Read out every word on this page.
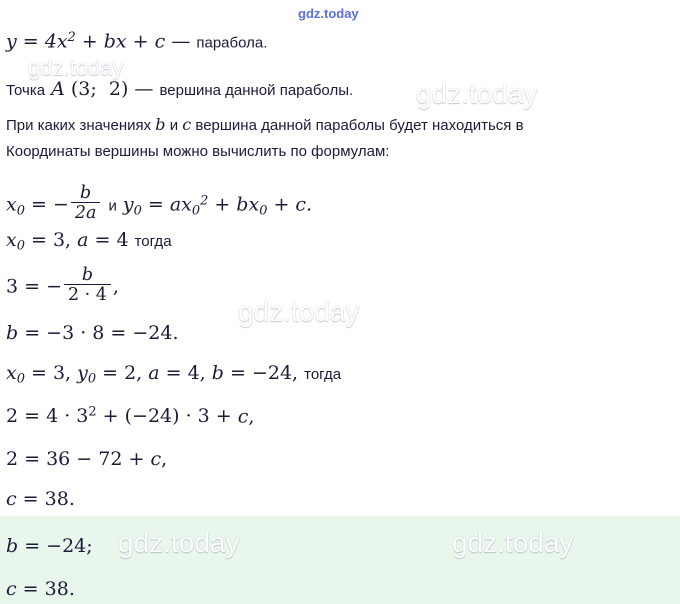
$y = 4x^2$ + bx + c — парабола.
Точка A (3;  2) — вершина данной параболы.
При каких значениях b и c вершина данной параболы будет находиться в
Координаты вершины можно вычислить по формулам:
$x_0$ = − $\frac{b}{2a}$ и $y_0 = ax_0^2 + bx_0 + c$.
$x_0 = 3$, a = 4 тогда
3 = − $\frac{b}{2 \cdot 4}$ ,
b = −3 · 8 = −24.
$x_0 = 3$, $y_0 = 2$, a = 4, b = −24, тогда
$2 = 4 \cdot 3^2 + (-24) \cdot 3 + c$,
2 = 36 − 72 + c,
c = 38.
b = −24;
c = 38.
gdz.today
gdz.today
gdz.today
gdz.today
gdz.today	gdz.today
